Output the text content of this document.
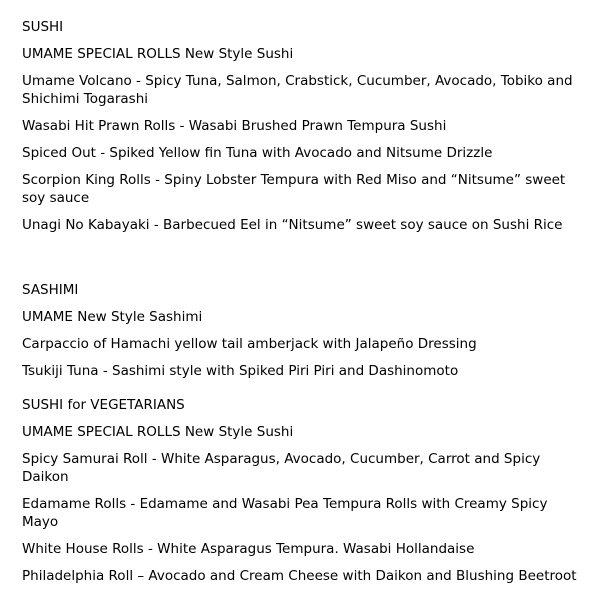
SUSHI

UMAME SPECIAL ROLLS New Style Sushi

Umame Volcano - Spicy Tuna, Salmon, Crabstick, Cucumber, Avocado, Tobiko and Shichimi Togarashi

Wasabi Hit Prawn Rolls - Wasabi Brushed Prawn Tempura Sushi

Spiced Out - Spiked Yellow fin Tuna with Avocado and Nitsume Drizzle

Scorpion King Rolls - Spiny Lobster Tempura with Red Miso and “Nitsume” sweet soy sauce

Unagi No Kabayaki - Barbecued Eel in “Nitsume” sweet soy sauce on Sushi Rice

SASHIMI

UMAME New Style Sashimi

Carpaccio of Hamachi yellow tail amberjack with Jalapeño Dressing

Tsukiji Tuna - Sashimi style with Spiked Piri Piri and Dashinomoto

SUSHI for VEGETARIANS

UMAME SPECIAL ROLLS New Style Sushi

Spicy Samurai Roll - White Asparagus, Avocado, Cucumber, Carrot and Spicy Daikon

Edamame Rolls - Edamame and Wasabi Pea Tempura Rolls with Creamy Spicy Mayo

White House Rolls - White Asparagus Tempura. Wasabi Hollandaise

Philadelphia Roll – Avocado and Cream Cheese with Daikon and Blushing Beetroot
